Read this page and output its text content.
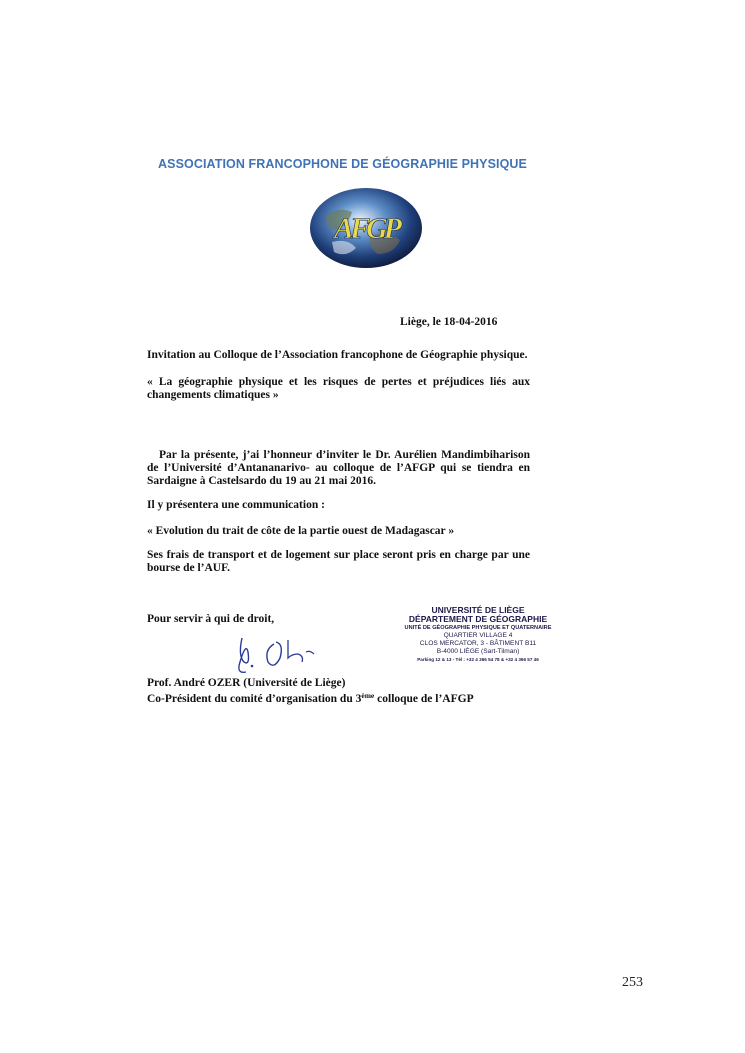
ASSOCIATION FRANCOPHONE DE GÉOGRAPHIE PHYSIQUE
AFGP
Liège, le 18-04-2016

Invitation au Colloque de l’Association francophone de Géographie physique.

« La géographie physique et les risques de pertes et préjudices liés aux changements climatiques »

Par la présente, j’ai l’honneur d’inviter le Dr. Aurélien Mandimbiharison de l’Université d’Antananarivo- au colloque de l’AFGP qui se tiendra en Sardaigne à Castelsardo du 19 au 21 mai 2016.

Il y présentera une communication :

« Evolution du trait de côte de la partie ouest de Madagascar »

Ses frais de transport et de logement sur place seront pris en charge par une bourse de l’AUF.

Pour servir à qui de droit,
UNIVERSITÉ DE LIÈGE
DÉPARTEMENT DE GÉOGRAPHIE
UNITÉ DE GÉOGRAPHIE PHYSIQUE ET QUATERNAIRE
QUARTIER VILLAGE 4
CLOS MERCATOR, 3 - BÂTIMENT B11
B-4000 LIÈGE (Sart-Tilman)
Parking 12 & 13 - Tél : +32 4 366 54 78 & +32 4 366 57 46
Prof. André OZER (Université de Liège)
Co-Président du comité d’organisation du 3ème colloque de l’AFGP
253
